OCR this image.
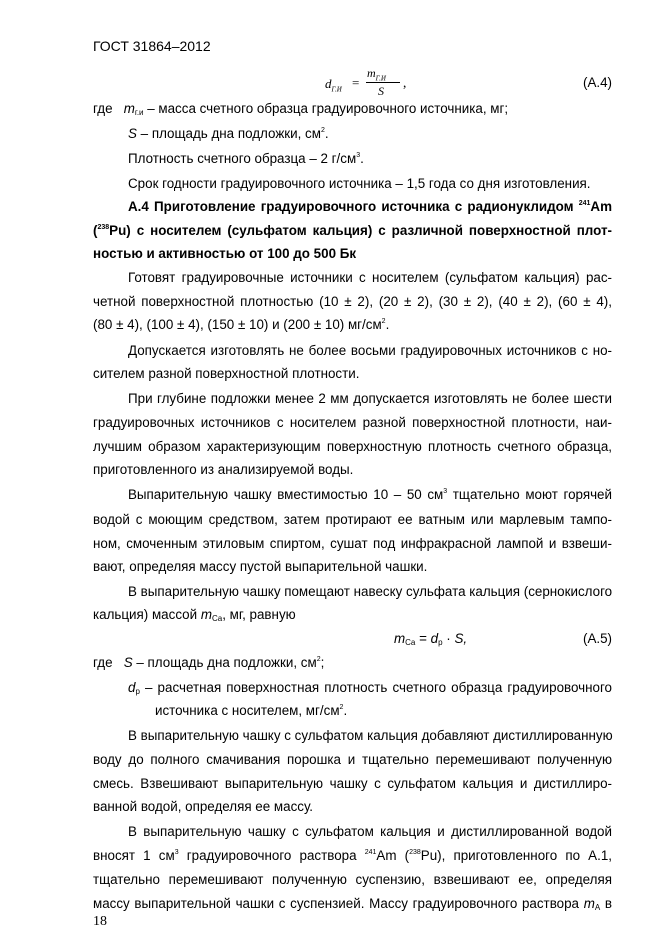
ГОСТ 31864–2012
$d_{Г.И}$ =
$m_{Г.И}$
S
,	(А.4)
где $m_{г.и}$ – масса счетного образца градуировочного источника, мг;
S – площадь дна подложки, $см^2$.
Плотность счетного образца – 2 $г/см^3$.
Срок годности градуировочного источника – 1,5 года со дня изготовления.
А.4 Приготовление градуировочного источника с радионуклидом $^{241}$Am
($^{238}$Pu) с носителем (сульфатом кальция) с различной поверхностной плот-
ностью и активностью от 100 до 500 Бк
Готовят градуировочные источники с носителем (сульфатом кальция) рас-
четной поверхностной плотностью (10 ± 2), (20 ± 2), (30 ± 2), (40 ± 2), (60 ± 4),
(80 ± 4), (100 ± 4), (150 ± 10) и (200 ± 10) $мг/см^2$.
Допускается изготовлять не более восьми градуировочных источников с но-
сителем разной поверхностной плотности.
При глубине подложки менее 2 мм допускается изготовлять не более шести
градуировочных источников с носителем разной поверхностной плотности, наи-
лучшим образом характеризующим поверхностную плотность счетного образца,
приготовленного из анализируемой воды.
Выпарительную чашку вместимостью 10 – 50 $см^3$ тщательно моют горячей
водой с моющим средством, затем протирают ее ватным или марлевым тампо-
ном, смоченным этиловым спиртом, сушат под инфракрасной лампой и взвеши-
вают, определяя массу пустой выпарительной чашки.
В выпарительную чашку помещают навеску сульфата кальция (сернокислого
кальция) массой $m_{Ca}$, мг, равную
$m_{Ca} = d_p \cdot S$,	(А.5)
где S – площадь дна подложки, $см^2$;
$d_p$ – расчетная поверхностная плотность счетного образца градуировочного
источника с носителем, $мг/см^2$.
В выпарительную чашку с сульфатом кальция добавляют дистиллированную
воду до полного смачивания порошка и тщательно перемешивают полученную
смесь. Взвешивают выпарительную чашку с сульфатом кальция и дистиллиро-
ванной водой, определяя ее массу.
В выпарительную чашку с сульфатом кальция и дистиллированной водой
вносят 1 $см^3$ градуировочного раствора $^{241}$Am ($^{238}$Pu), приготовленного по А.1,
тщательно перемешивают полученную суспензию, взвешивают ее, определяя
массу выпарительной чашки с суспензией. Массу градуировочного раствора $m_A$ в
18
